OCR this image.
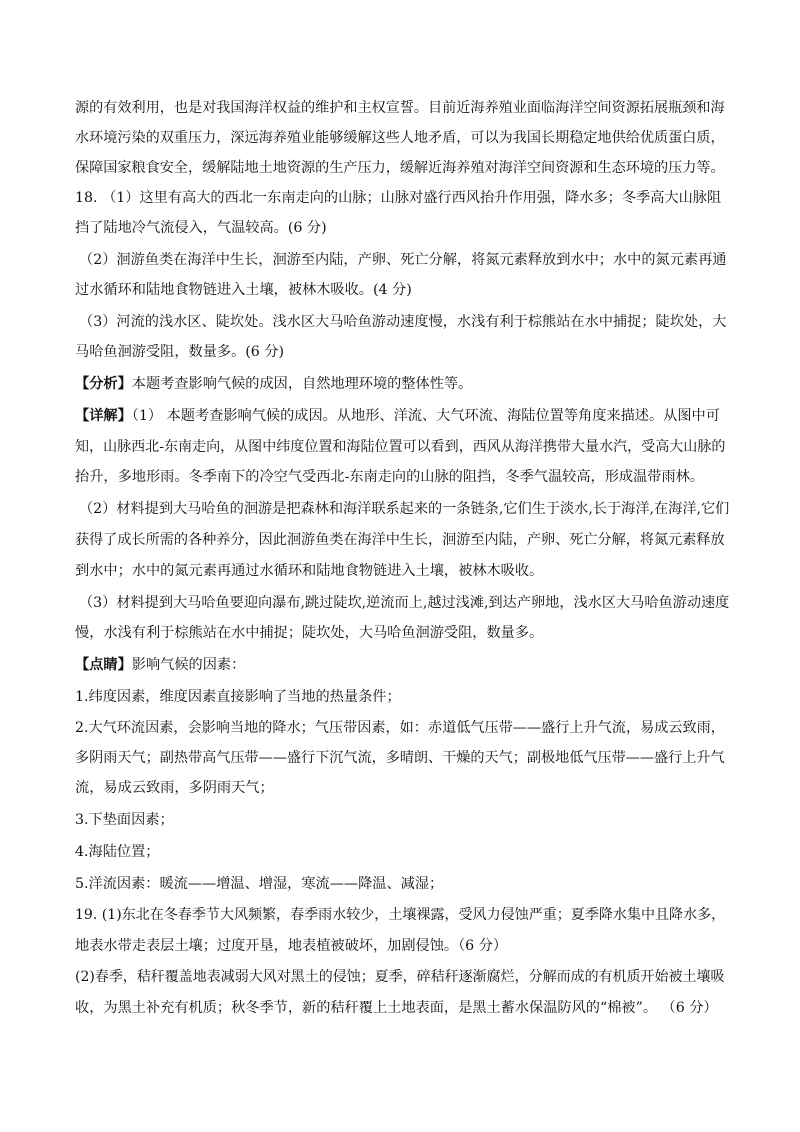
源的有效利用，也是对我国海洋权益的维护和主权宣誓。目前近海养殖业面临海洋空间资源拓展瓶颈和海
水环境污染的双重压力，深远海养殖业能够缓解这些人地矛盾，可以为我国长期稳定地供给优质蛋白质，
保障国家粮食安全，缓解陆地土地资源的生产压力，缓解近海养殖对海洋空间资源和生态环境的压力等。
18. （1）这里有高大的西北一东南走向的山脉；山脉对盛行西风抬升作用强，降水多；冬季高大山脉阻
挡了陆地冷气流侵入，气温较高。(6 分)
（2）洄游鱼类在海洋中生长，洄游至内陆，产卵、死亡分解，将氮元素释放到水中；水中的氮元素再通
过水循环和陆地食物链进入土壤，被林木吸收。(4 分)
（3）河流的浅水区、陡坎处。浅水区大马哈鱼游动速度慢，水浅有利于棕熊站在水中捕捉；陡坎处，大
马哈鱼洄游受阻，数量多。(6 分)
【分析】本题考查影响气候的成因，自然地理环境的整体性等。
【详解】（1） 本题考查影响气候的成因。从地形、洋流、大气环流、海陆位置等角度来描述。从图中可
知，山脉西北-东南走向，从图中纬度位置和海陆位置可以看到，西风从海洋携带大量水汽，受高大山脉的
抬升，多地形雨。冬季南下的冷空气受西北-东南走向的山脉的阻挡，冬季气温较高，形成温带雨林。
（2）材料提到大马哈鱼的洄游是把森林和海洋联系起来的一条链条,它们生于淡水,长于海洋,在海洋,它们
获得了成长所需的各种养分，因此洄游鱼类在海洋中生长，洄游至内陆，产卵、死亡分解，将氮元素释放
到水中；水中的氮元素再通过水循环和陆地食物链进入土壤，被林木吸收。
（3）材料提到大马哈鱼要迎向瀑布,跳过陡坎,逆流而上,越过浅滩,到达产卵地，浅水区大马哈鱼游动速度
慢，水浅有利于棕熊站在水中捕捉；陡坎处，大马哈鱼洄游受阻，数量多。
【点睛】影响气候的因素：
1.纬度因素，维度因素直接影响了当地的热量条件；
2.大气环流因素，会影响当地的降水；气压带因素，如：赤道低气压带——盛行上升气流，易成云致雨，
多阴雨天气；副热带高气压带——盛行下沉气流，多晴朗、干燥的天气；副极地低气压带——盛行上升气
流，易成云致雨，多阴雨天气；
3.下垫面因素；
4.海陆位置；
5.洋流因素：暖流——增温、增湿，寒流——降温、减湿；
19. (1)东北在冬春季节大风频繁，春季雨水较少，土壤裸露，受风力侵蚀严重；夏季降水集中且降水多，
地表水带走表层土壤；过度开垦，地表植被破坏，加剧侵蚀。（6 分）
(2)春季，秸秆覆盖地表减弱大风对黑土的侵蚀；夏季，碎秸秆逐渐腐烂，分解而成的有机质开始被土壤吸
收，为黑土补充有机质；秋冬季节，新的秸秆覆上土地表面，是黑土蓄水保温防风的“棉被”。 （6 分）
